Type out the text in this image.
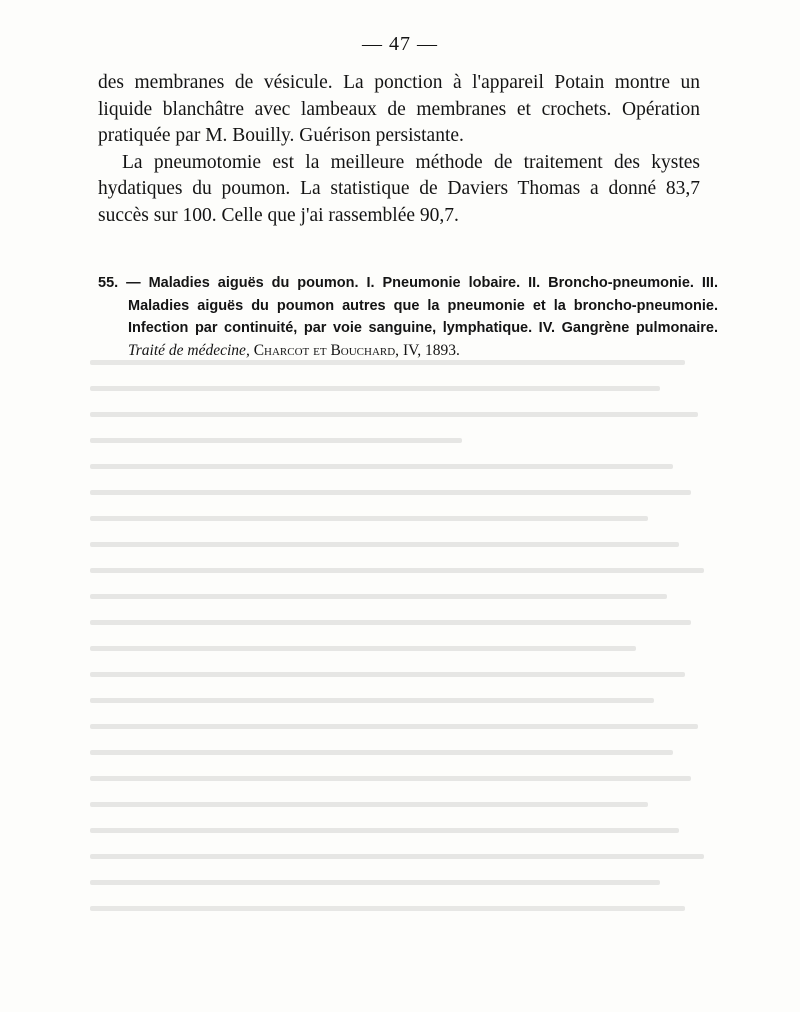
— 47 —

des membranes de vésicule. La ponction à l'appareil Potain montre un liquide blanchâtre avec lambeaux de membranes et crochets. Opération pratiquée par M. Bouilly. Guérison persistante.

La pneumotomie est la meilleure méthode de traitement des kystes hydatiques du poumon. La statistique de Daviers Thomas a donné 83,7 succès sur 100. Celle que j'ai rassemblée 90,7.

55. — Maladies aiguës du poumon. I. Pneumonie lobaire. II. Broncho-pneumonie. III. Maladies aiguës du poumon autres que la pneumonie et la broncho-pneumonie. Infection par continuité, par voie sanguine, lymphatique. IV. Gangrène pulmonaire. Traité de médecine, Charcot et Bouchard, IV, 1893.
